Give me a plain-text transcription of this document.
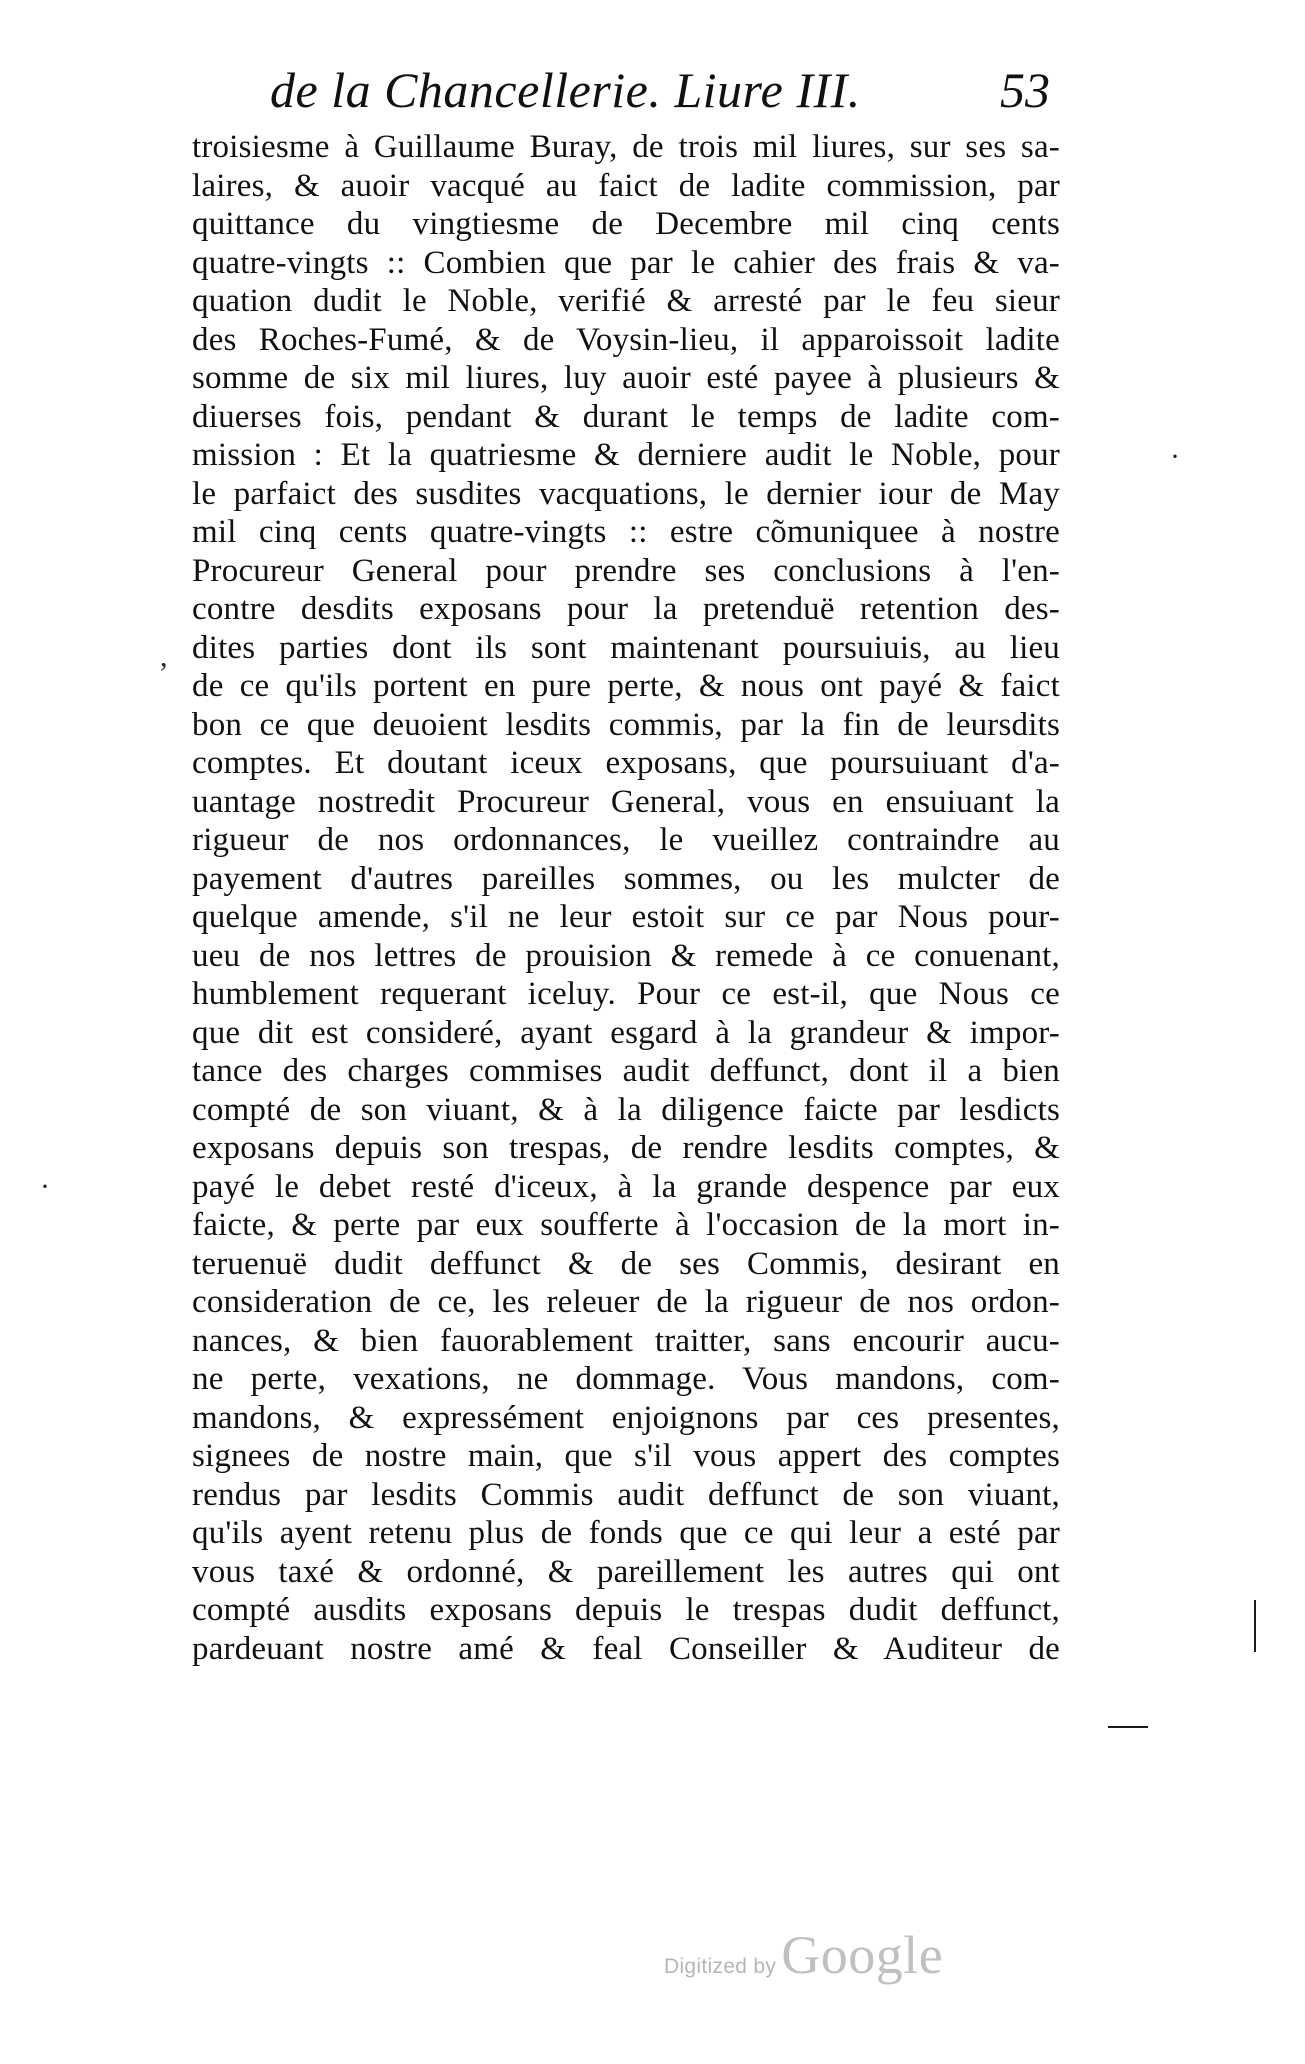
de la Chancellerie. Liure III.	53
troisiesme à Guillaume Buray, de trois mil liures, sur ses sa-
laires, & auoir vacqué au faict de ladite commission, par
quittance du vingtiesme de Decembre mil cinq cents
quatre-vingts :: Combien que par le cahier des frais & va-
quation dudit le Noble, verifié & arresté par le feu sieur
des Roches-Fumé, & de Voysin-lieu, il apparoissoit ladite
somme de six mil liures, luy auoir esté payee à plusieurs &
diuerses fois, pendant & durant le temps de ladite com-
mission : Et la quatriesme & derniere audit le Noble, pour
le parfaict des susdites vacquations, le dernier iour de May
mil cinq cents quatre-vingts :: estre cõmuniquee à nostre
Procureur General pour prendre ses conclusions à l'en-
contre desdits exposans pour la pretenduë retention des-
dites parties dont ils sont maintenant poursuiuis, au lieu
de ce qu'ils portent en pure perte, & nous ont payé & faict
bon ce que deuoient lesdits commis, par la fin de leursdits
comptes. Et doutant iceux exposans, que poursuiuant d'a-
uantage nostredit Procureur General, vous en ensuiuant la
rigueur de nos ordonnances, le vueillez contraindre au
payement d'autres pareilles sommes, ou les mulcter de
quelque amende, s'il ne leur estoit sur ce par Nous pour-
ueu de nos lettres de prouision & remede à ce conuenant,
humblement requerant iceluy. Pour ce est-il, que Nous ce
que dit est consideré, ayant esgard à la grandeur & impor-
tance des charges commises audit deffunct, dont il a bien
compté de son viuant, & à la diligence faicte par lesdicts
exposans depuis son trespas, de rendre lesdits comptes, &
payé le debet resté d'iceux, à la grande despence par eux
faicte, & perte par eux soufferte à l'occasion de la mort in-
teruenuë dudit deffunct & de ses Commis, desirant en
consideration de ce, les releuer de la rigueur de nos ordon-
nances, & bien fauorablement traitter, sans encourir aucu-
ne perte, vexations, ne dommage. Vous mandons, com-
mandons, & expressément enjoignons par ces presentes,
signees de nostre main, que s'il vous appert des comptes
rendus par lesdits Commis audit deffunct de son viuant,
qu'ils ayent retenu plus de fonds que ce qui leur a esté par
vous taxé & ordonné, & pareillement les autres qui ont
compté ausdits exposans depuis le trespas dudit deffunct,
pardeuant nostre amé & feal Conseiller & Auditeur de
,
·
·
Digitized by Google
